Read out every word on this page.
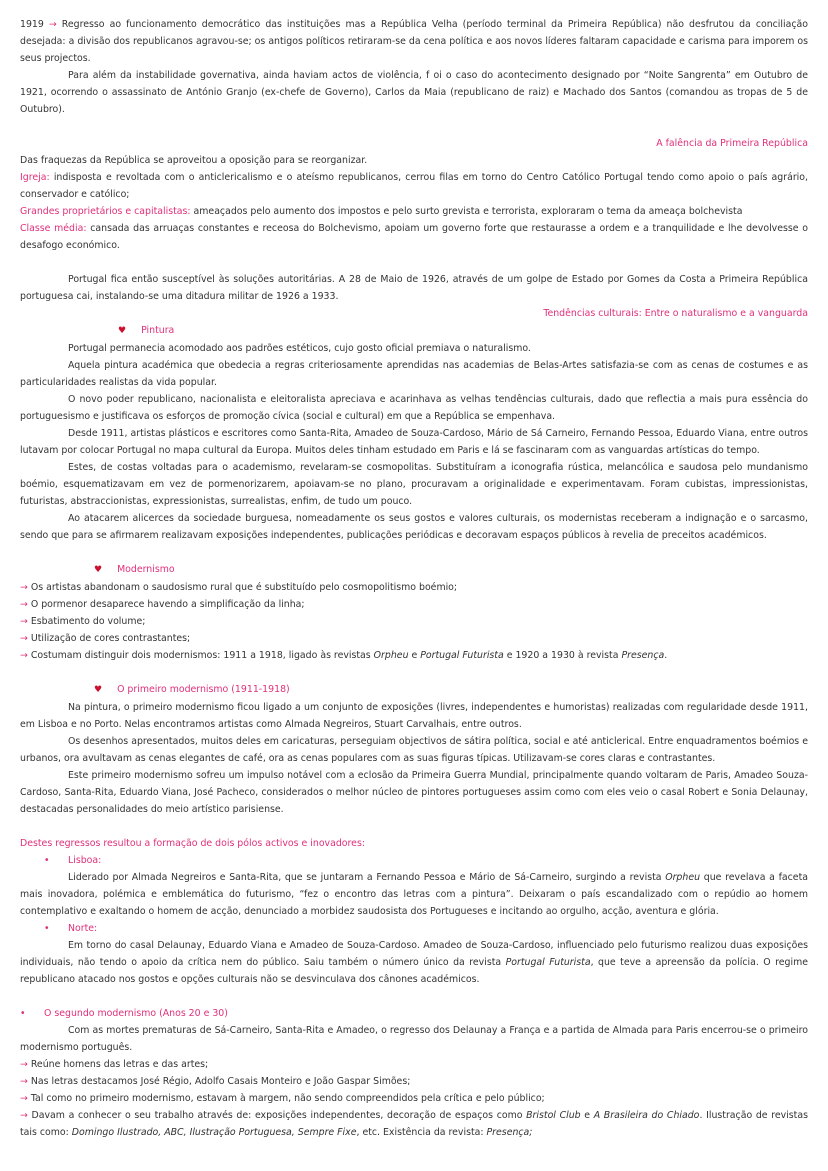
1919 → Regresso ao funcionamento democrático das instituições mas a República Velha (período terminal da Primeira República) não desfrutou da conciliação desejada: a divisão dos republicanos agravou-se; os antigos políticos retiraram-se da cena política e aos novos líderes faltaram capacidade e carisma para imporem os seus projectos.

Para além da instabilidade governativa, ainda haviam actos de violência, f oi o caso do acontecimento designado por “Noite Sangrenta” em Outubro de 1921, ocorrendo o assassinato de António Granjo (ex-chefe de Governo), Carlos da Maia (republicano de raiz) e Machado dos Santos (comandou as tropas de 5 de Outubro).

A falência da Primeira República

Das fraquezas da República se aproveitou a oposição para se reorganizar.

Igreja: indisposta e revoltada com o anticlericalismo e o ateísmo republicanos, cerrou filas em torno do Centro Católico Portugal tendo como apoio o país agrário, conservador e católico;

Grandes proprietários e capitalistas: ameaçados pelo aumento dos impostos e pelo surto grevista e terrorista, exploraram o tema da ameaça bolchevista

Classe média: cansada das arruaças constantes e receosa do Bolchevismo, apoiam um governo forte que restaurasse a ordem e a tranquilidade e lhe devolvesse o desafogo económico.

Portugal fica então susceptível às soluções autoritárias. A 28 de Maio de 1926, através de um golpe de Estado por Gomes da Costa a Primeira República portuguesa cai, instalando-se uma ditadura militar de 1926 a 1933.

Tendências culturais: Entre o naturalismo e a vanguarda

♥ Pintura

Portugal permanecia acomodado aos padrões estéticos, cujo gosto oficial premiava o naturalismo.

Aquela pintura académica que obedecia a regras criteriosamente aprendidas nas academias de Belas-Artes satisfazia-se com as cenas de costumes e as particularidades realistas da vida popular.

O novo poder republicano, nacionalista e eleitoralista apreciava e acarinhava as velhas tendências culturais, dado que reflectia a mais pura essência do portuguesismo e justificava os esforços de promoção cívica (social e cultural) em que a República se empenhava.

Desde 1911, artistas plásticos e escritores como Santa-Rita, Amadeo de Souza-Cardoso, Mário de Sá Carneiro, Fernando Pessoa, Eduardo Viana, entre outros lutavam por colocar Portugal no mapa cultural da Europa. Muitos deles tinham estudado em Paris e lá se fascinaram com as vanguardas artísticas do tempo.

Estes, de costas voltadas para o academismo, revelaram-se cosmopolitas. Substituíram a iconografia rústica, melancólica e saudosa pelo mundanismo boémio, esquematizavam em vez de pormenorizarem, apoiavam-se no plano, procuravam a originalidade e experimentavam. Foram cubistas, impressionistas, futuristas, abstraccionistas, expressionistas, surrealistas, enfim, de tudo um pouco.

Ao atacarem alicerces da sociedade burguesa, nomeadamente os seus gostos e valores culturais, os modernistas receberam a indignação e o sarcasmo, sendo que para se afirmarem realizavam exposições independentes, publicações periódicas e decoravam espaços públicos à revelia de preceitos académicos.

♥ Modernismo

→ Os artistas abandonam o saudosismo rural que é substituído pelo cosmopolitismo boémio;

→ O pormenor desaparece havendo a simplificação da linha;

→ Esbatimento do volume;

→ Utilização de cores contrastantes;

→ Costumam distinguir dois modernismos: 1911 a 1918, ligado às revistas Orpheu e Portugal Futurista e 1920 a 1930 à revista Presença.

♥ O primeiro modernismo (1911-1918)

Na pintura, o primeiro modernismo ficou ligado a um conjunto de exposições (livres, independentes e humoristas) realizadas com regularidade desde 1911, em Lisboa e no Porto. Nelas encontramos artistas como Almada Negreiros, Stuart Carvalhais, entre outros.

Os desenhos apresentados, muitos deles em caricaturas, perseguiam objectivos de sátira política, social e até anticlerical. Entre enquadramentos boémios e urbanos, ora avultavam as cenas elegantes de café, ora as cenas populares com as suas figuras típicas. Utilizavam-se cores claras e contrastantes.

Este primeiro modernismo sofreu um impulso notável com a eclosão da Primeira Guerra Mundial, principalmente quando voltaram de Paris, Amadeo Souza-Cardoso, Santa-Rita, Eduardo Viana, José Pacheco, considerados o melhor núcleo de pintores portugueses assim como com eles veio o casal Robert e Sonia Delaunay, destacadas personalidades do meio artístico parisiense.

Destes regressos resultou a formação de dois pólos activos e inovadores:

• Lisboa:

Liderado por Almada Negreiros e Santa-Rita, que se juntaram a Fernando Pessoa e Mário de Sá-Carneiro, surgindo a revista Orpheu que revelava a faceta mais inovadora, polémica e emblemática do futurismo, “fez o encontro das letras com a pintura”. Deixaram o país escandalizado com o repúdio ao homem contemplativo e exaltando o homem de acção, denunciado a morbidez saudosista dos Portugueses e incitando ao orgulho, acção, aventura e glória.

• Norte:

Em torno do casal Delaunay, Eduardo Viana e Amadeo de Souza-Cardoso. Amadeo de Souza-Cardoso, influenciado pelo futurismo realizou duas exposições individuais, não tendo o apoio da crítica nem do público. Saiu também o número único da revista Portugal Futurista, que teve a apreensão da polícia. O regime republicano atacado nos gostos e opções culturais não se desvinculava dos cânones académicos.

• O segundo modernismo (Anos 20 e 30)

Com as mortes prematuras de Sá-Carneiro, Santa-Rita e Amadeo, o regresso dos Delaunay a França e a partida de Almada para Paris encerrou-se o primeiro modernismo português.

→ Reúne homens das letras e das artes;

→ Nas letras destacamos José Régio, Adolfo Casais Monteiro e João Gaspar Simões;

→ Tal como no primeiro modernismo, estavam à margem, não sendo compreendidos pela crítica e pelo público;

→ Davam a conhecer o seu trabalho através de: exposições independentes, decoração de espaços como Bristol Club e A Brasileira do Chiado. Ilustração de revistas tais como: Domingo Ilustrado, ABC, Ilustração Portuguesa, Sempre Fixe, etc. Existência da revista: Presença;
